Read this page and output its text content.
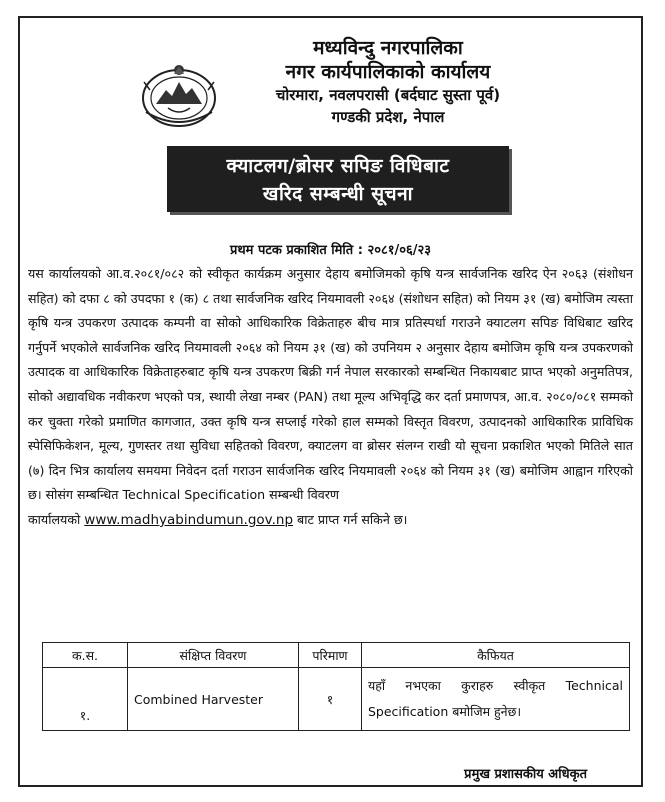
मध्यविन्दु नगरपालिका
नगर कार्यपालिकाको कार्यालय
चोरमारा, नवलपरासी (बर्दघाट सुस्ता पूर्व)
गण्डकी प्रदेश, नेपाल
क्याटलग/ब्रोसर सपिङ विधिबाट
खरिद सम्बन्धी सूचना
प्रथम पटक प्रकाशित मिति : २०८१/०६/२३
यस कार्यालयको आ.व.२०८१/०८२ को स्वीकृत कार्यक्रम अनुसार देहाय बमोजिमको कृषि यन्त्र सार्वजनिक खरिद ऐन २०६३ (संशोधन सहित) को दफा ८ को उपदफा १ (क) ८ तथा सार्वजनिक खरिद नियमावली २०६४ (संशोधन सहित) को नियम ३१ (ख) बमोजिम त्यस्ता कृषि यन्त्र उपकरण उत्पादक कम्पनी वा सोको आधिकारिक विक्रेताहरु बीच मात्र प्रतिस्पर्धा गराउने क्याटलग सपिङ विधिबाट खरिद गर्नुपर्ने भएकोले सार्वजनिक खरिद नियमावली २०६४ को नियम ३१ (ख) को उपनियम २ अनुसार देहाय बमोजिम कृषि यन्त्र उपकरणको उत्पादक वा आधिकारिक विक्रेताहरुबाट कृषि यन्त्र उपकरण बिक्री गर्न नेपाल सरकारको सम्बन्धित निकायबाट प्राप्त भएको अनुमतिपत्र, सोको अद्यावधिक नवीकरण भएको पत्र, स्थायी लेखा नम्बर (PAN) तथा मूल्य अभिवृद्धि कर दर्ता प्रमाणपत्र, आ.व. २०८०/०८१ सम्मको कर चुक्ता गरेको प्रमाणित कागजात, उक्त कृषि यन्त्र सप्लाई गरेको हाल सम्मको विस्तृत विवरण, उत्पादनको आधिकारिक प्राविधिक स्पेसिफिकेशन, मूल्य, गुणस्तर तथा सुविधा सहितको विवरण, क्याटलग वा ब्रोसर संलग्न राखी यो सूचना प्रकाशित भएको मितिले सात (७) दिन भित्र कार्यालय समयमा निवेदन दर्ता गराउन सार्वजनिक खरिद नियमावली २०६४ को नियम ३१ (ख) बमोजिम आह्वान गरिएको छ। सोसंग सम्बन्धित Technical Specification सम्बन्धी विवरण
कार्यालयको www.madhyabindumun.gov.np बाट प्राप्त गर्न सकिने छ।
क.स.	संक्षिप्त विवरण	परिमाण	कैफियत
१.	Combined Harvester	१	यहाँ नभएका कुराहरु स्वीकृत Technical Specification बमोजिम हुनेछ।
प्रमुख प्रशासकीय अधिकृत
